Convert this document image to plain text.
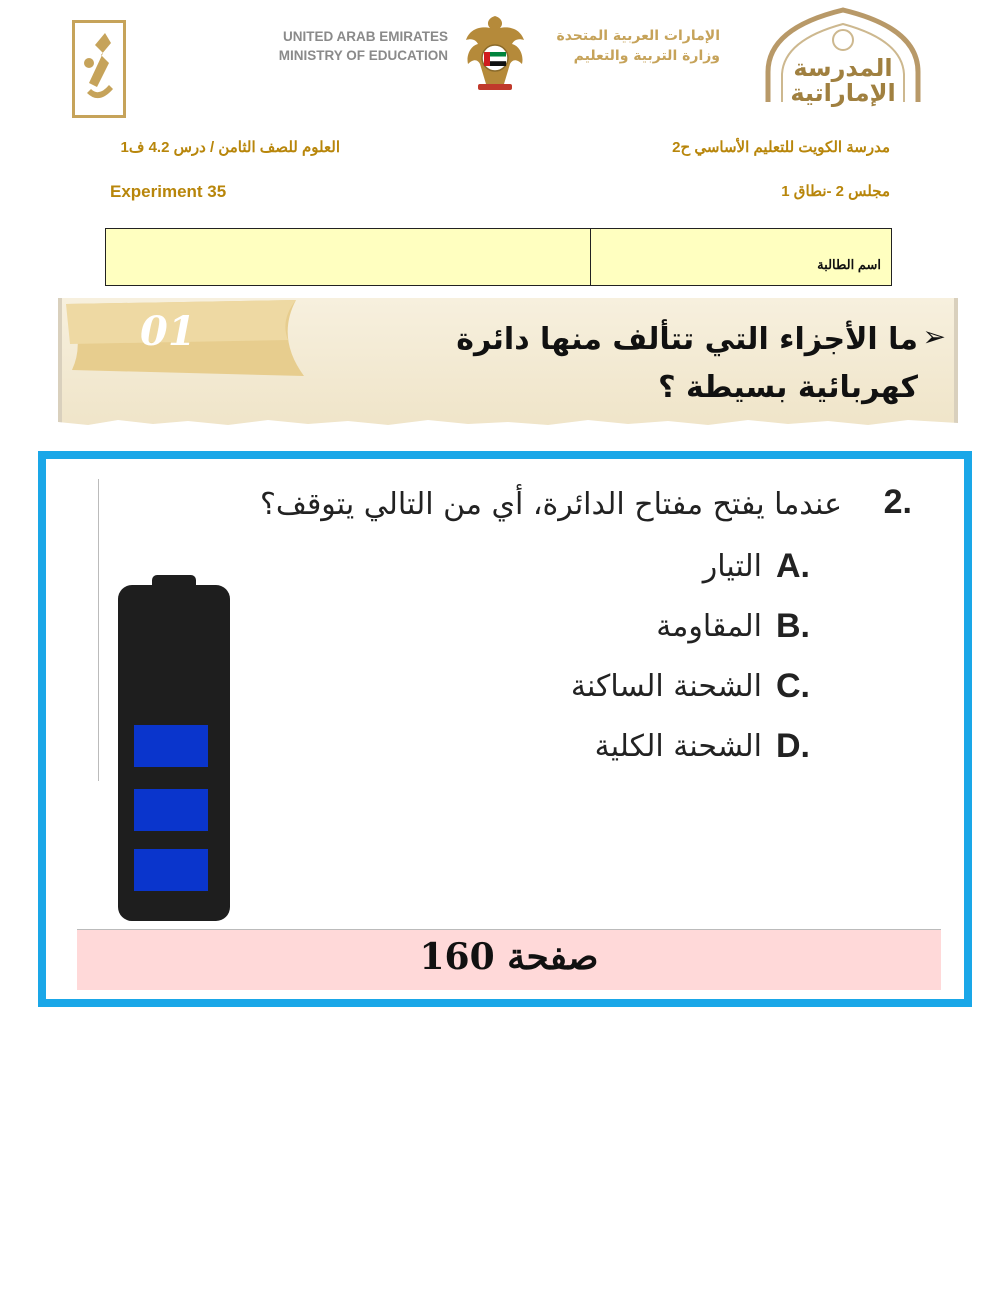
UNITED ARAB EMIRATES
MINISTRY OF EDUCATION
الإمارات العربية المتحدة
وزارة التربية والتعليم	المدرسة
الإماراتية
العلوم للصف الثامن / درس 4.2 ف1	مدرسة الكويت للتعليم الأساسي ح2
Experiment 35	مجلس 2 -نطاق 1
اسم الطالبة
01	➢
ما الأجزاء التي تتألف منها دائرة كهربائية بسيطة ؟
2.
عندما يفتح مفتاح الدائرة، أي من التالي يتوقف؟
A.
التيار
B.
المقاومة
C.
الشحنة الساكنة
D.
الشحنة الكلية
صفحة 160
